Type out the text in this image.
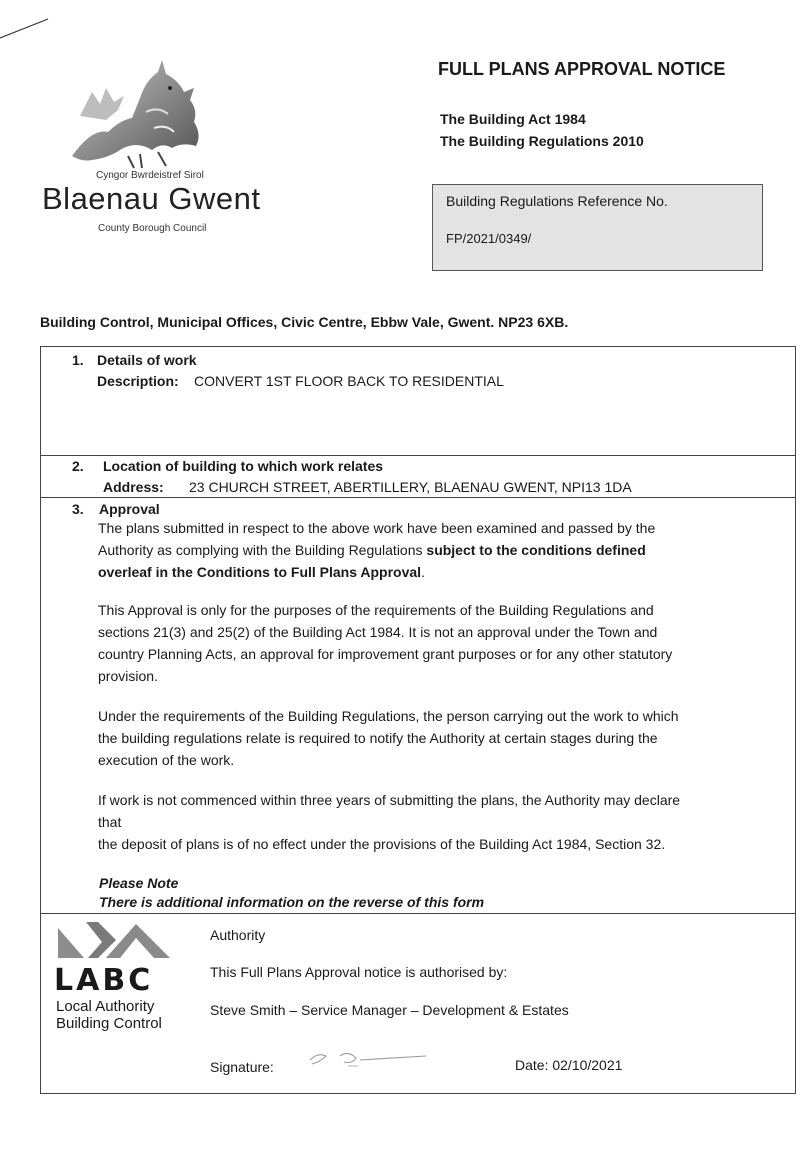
Cyngor Bwrdeistref Sirol
Blaenau Gwent
County Borough Council
FULL PLANS APPROVAL NOTICE
The Building Act 1984
The Building Regulations 2010
Building Regulations Reference No.
FP/2021/0349/
Building Control, Municipal Offices, Civic Centre, Ebbw Vale, Gwent. NP23 6XB.
1. Details of work
Description: CONVERT 1ST FLOOR BACK TO RESIDENTIAL
2. Location of building to which work relates
Address: 23 CHURCH STREET, ABERTILLERY, BLAENAU GWENT, NPI13 1DA
3. Approval
The plans submitted in respect to the above work have been examined and passed by the
Authority as complying with the Building Regulations subject to the conditions defined
overleaf in the Conditions to Full Plans Approval.
This Approval is only for the purposes of the requirements of the Building Regulations and
sections 21(3) and 25(2) of the Building Act 1984. It is not an approval under the Town and
country Planning Acts, an approval for improvement grant purposes or for any other statutory
provision.
Under the requirements of the Building Regulations, the person carrying out the work to which
the building regulations relate is required to notify the Authority at certain stages during the
execution of the work.
If work is not commenced within three years of submitting the plans, the Authority may declare
that
the deposit of plans is of no effect under the provisions of the Building Act 1984, Section 32.
Please Note
There is additional information on the reverse of this form
Authority
This Full Plans Approval notice is authorised by:
Steve Smith – Service Manager – Development & Estates
Signature:	Date: 02/10/2021
LABC
Local Authority
Building Control
